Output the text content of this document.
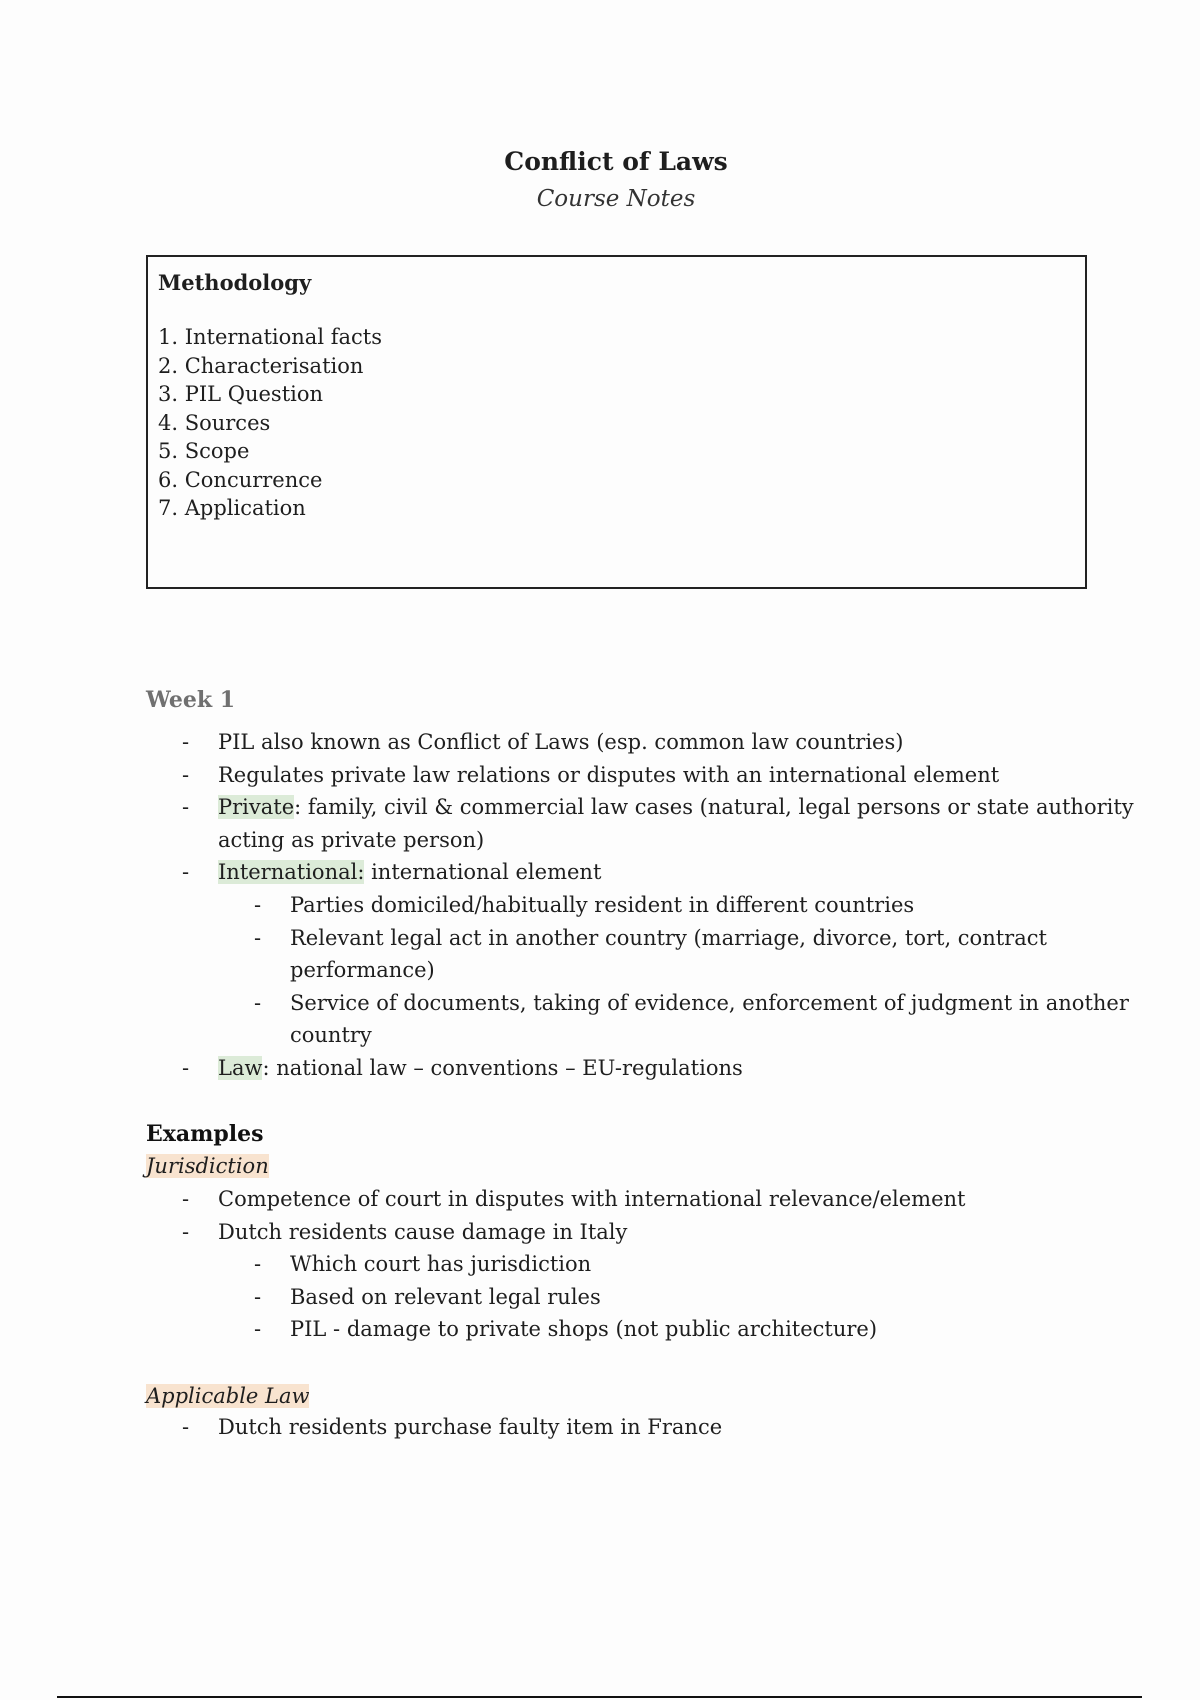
Conflict of Laws
Course Notes

Methodology

1. International facts
2. Characterisation
3. PIL Question
4. Sources
5. Scope
6. Concurrence
7. Application
Week 1
- PIL also known as Conflict of Laws (esp. common law countries)
- Regulates private law relations or disputes with an international element
- Private: family, civil & commercial law cases (natural, legal persons or state authority acting as private person)
- International: international element
- Parties domiciled/habitually resident in different countries
- Relevant legal act in another country (marriage, divorce, tort, contract performance)
- Service of documents, taking of evidence, enforcement of judgment in another country
- Law: national law – conventions – EU-regulations
Examples
Jurisdiction
- Competence of court in disputes with international relevance/element
- Dutch residents cause damage in Italy
- Which court has jurisdiction
- Based on relevant legal rules
- PIL - damage to private shops (not public architecture)
Applicable Law
- Dutch residents purchase faulty item in France
